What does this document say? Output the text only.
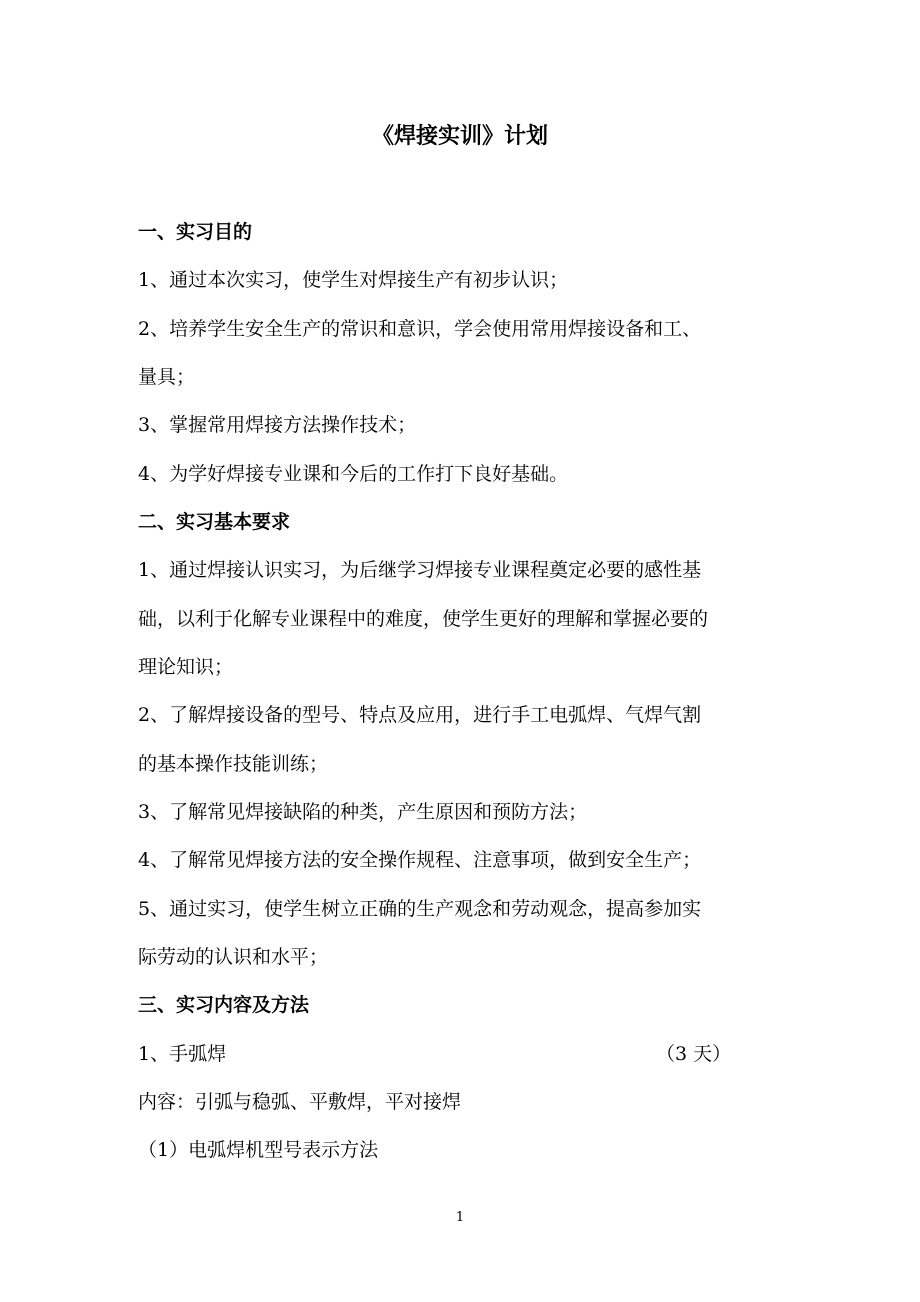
《焊接实训》计划
一、实习目的
1、通过本次实习，使学生对焊接生产有初步认识；
2、培养学生安全生产的常识和意识，学会使用常用焊接设备和工、
量具；
3、掌握常用焊接方法操作技术；
4、为学好焊接专业课和今后的工作打下良好基础。
二、实习基本要求
1、通过焊接认识实习，为后继学习焊接专业课程奠定必要的感性基
础，以利于化解专业课程中的难度，使学生更好的理解和掌握必要的
理论知识；
2、了解焊接设备的型号、特点及应用，进行手工电弧焊、气焊气割
的基本操作技能训练；
3、了解常见焊接缺陷的种类，产生原因和预防方法；
4、了解常见焊接方法的安全操作规程、注意事项，做到安全生产；
5、通过实习，使学生树立正确的生产观念和劳动观念，提高参加实
际劳动的认识和水平；
三、实习内容及方法
1、手弧焊	（3 天）
内容：引弧与稳弧、平敷焊，平对接焊
（1）电弧焊机型号表示方法
1
